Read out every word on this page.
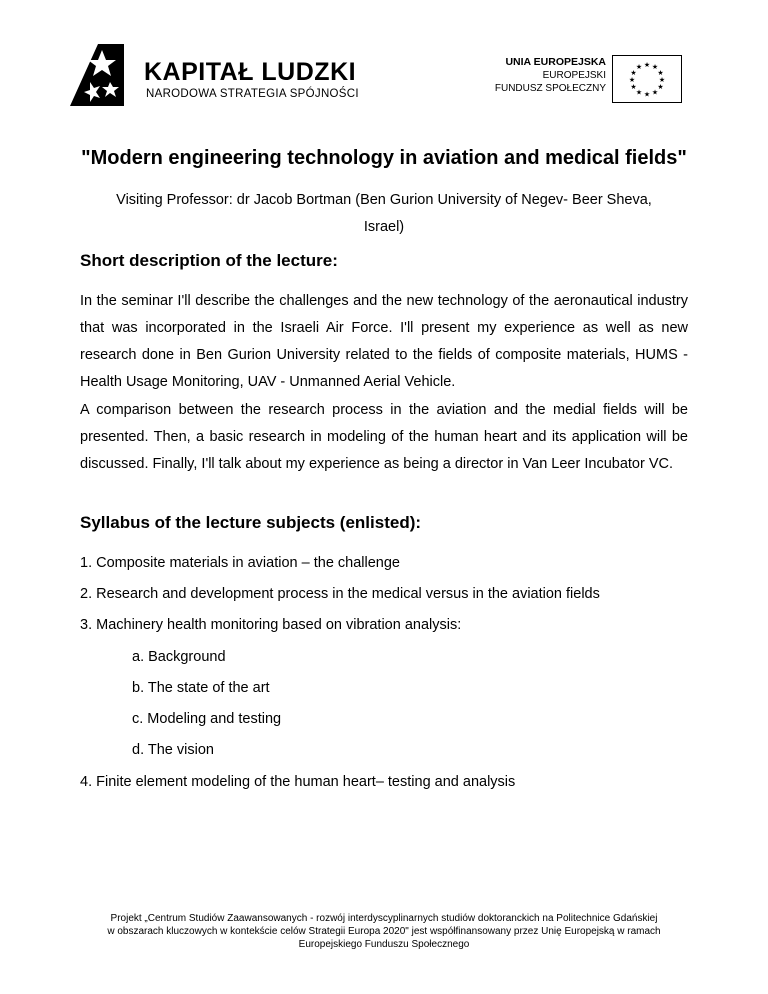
KAPITAŁ LUDZKI
NARODOWA STRATEGIA SPÓJNOŚCI
UNIA EUROPEJSKA
EUROPEJSKI
FUNDUSZ SPOŁECZNY
★ ★
★
★
★
★
★
★
★
★
★
★
"Modern engineering technology in aviation and medical fields"
Visiting Professor: dr Jacob Bortman (Ben Gurion University of Negev- Beer Sheva,
Israel)
Short description of the lecture:
In the seminar I'll describe the challenges and the new technology of the aeronautical industry that was incorporated in the Israeli Air Force. I'll present my experience as well as new research done in Ben Gurion University related to the fields of composite materials, HUMS - Health Usage Monitoring, UAV - Unmanned Aerial Vehicle.
A comparison between the research process in the aviation and the medial fields will be presented. Then, a basic research in modeling of the human heart and its application will be discussed. Finally, I'll talk about my experience as being a director in Van Leer Incubator VC.
Syllabus of the lecture subjects (enlisted):
1. Composite materials in aviation – the challenge
2. Research and development process in the medical versus in the aviation fields
3. Machinery health monitoring based on vibration analysis:
a. Background
b. The state of the art
c. Modeling and testing
d. The vision
4. Finite element modeling of the human heart– testing and analysis
Projekt „Centrum Studiów Zaawansowanych - rozwój interdyscyplinarnych studiów doktoranckich na Politechnice Gdańskiej
w obszarach kluczowych w kontekście celów Strategii Europa 2020" jest współfinansowany przez Unię Europejską w ramach
Europejskiego Funduszu Społecznego
